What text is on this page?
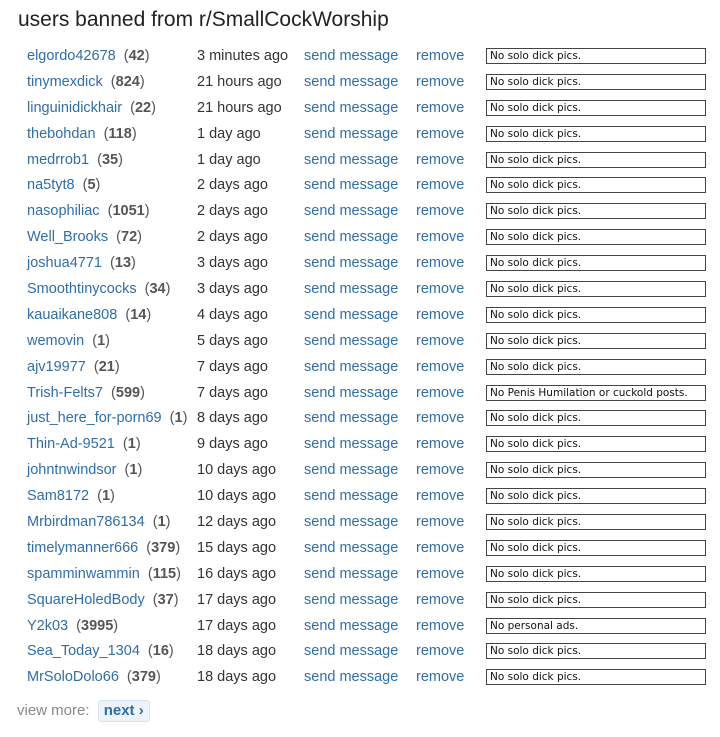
users banned from r/SmallCockWorship
elgordo42678 (42)	3 minutes ago send message remove	No solo dick pics.
tinymexdick (824)	21 hours ago send message remove	No solo dick pics.
linguinidickhair (22)	21 hours ago send message remove	No solo dick pics.
thebohdan (118)	1 day ago	send message remove	No solo dick pics.
medrrob1 (35)	1 day ago	send message remove	No solo dick pics.
na5tyt8 (5)	2 days ago send message remove	No solo dick pics.
nasophiliac (1051)	2 days ago send message remove	No solo dick pics.
Well_Brooks (72)	2 days ago send message remove	No solo dick pics.
joshua4771 (13)	3 days ago send message remove	No solo dick pics.
Smoothtinycocks (34) 3 days ago send message remove	No solo dick pics.
kauaikane808 (14)	4 days ago send message remove	No solo dick pics.
wemovin (1)	5 days ago send message remove	No solo dick pics.
ajv19977 (21)	7 days ago send message remove	No solo dick pics.
Trish-Felts7 (599)	7 days ago send message remove	No Penis Humilation or cuckold posts.
just_here_for-porn69 (1) 8 days ago send message remove	No solo dick pics.
Thin-Ad-9521 (1)	9 days ago send message remove	No solo dick pics.
johntnwindsor (1)	10 days ago send message remove	No solo dick pics.
Sam8172 (1)	10 days ago send message remove	No solo dick pics.
Mrbirdman786134 (1) 12 days ago send message remove	No solo dick pics.
timelymanner666 (379) 15 days ago send message remove	No solo dick pics.
spamminwammin (115) 16 days ago send message remove	No solo dick pics.
SquareHoledBody (37) 17 days ago send message remove	No solo dick pics.
Y2k03 (3995)	17 days ago send message remove	No personal ads.
Sea_Today_1304 (16) 18 days ago send message remove	No solo dick pics.
MrSoloDolo66 (379) 18 days ago send message remove	No solo dick pics.
view more: next ›
